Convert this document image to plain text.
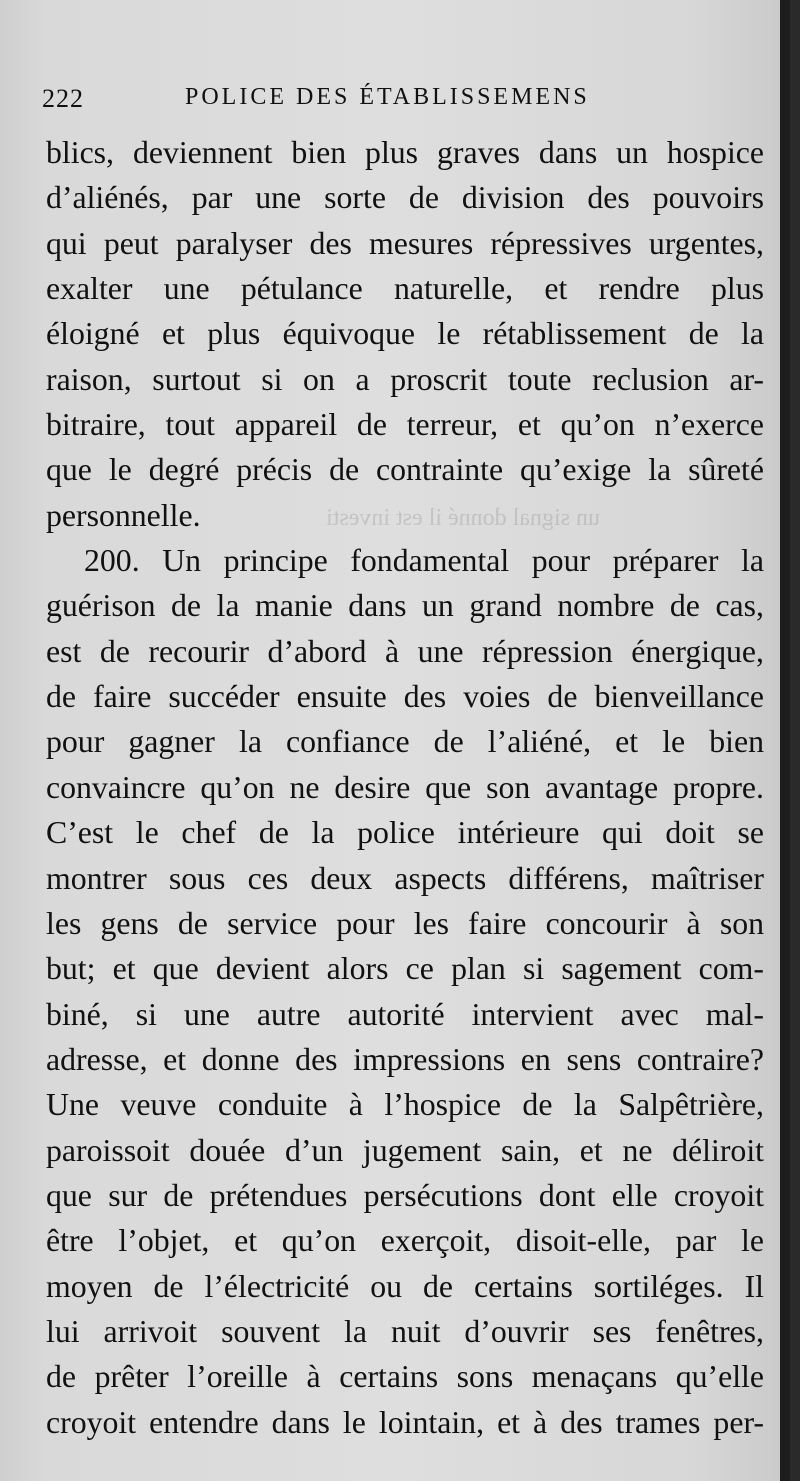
222	POLICE DES ÉTABLISSEMENS
un signal donné il est investi
blics, deviennent bien plus graves dans un hospice
d’aliénés, par une sorte de division des pouvoirs
qui peut paralyser des mesures répressives urgentes,
exalter une pétulance naturelle, et rendre plus
éloigné et plus équivoque le rétablissement de la
raison, surtout si on a proscrit toute reclusion ar-
bitraire, tout appareil de terreur, et qu’on n’exerce
que le degré précis de contrainte qu’exige la sûreté
personnelle.
200. Un principe fondamental pour préparer la
guérison de la manie dans un grand nombre de cas,
est de recourir d’abord à une répression énergique,
de faire succéder ensuite des voies de bienveillance
pour gagner la confiance de l’aliéné, et le bien
convaincre qu’on ne desire que son avantage propre.
C’est le chef de la police intérieure qui doit se
montrer sous ces deux aspects différens, maîtriser
les gens de service pour les faire concourir à son
but; et que devient alors ce plan si sagement com-
biné, si une autre autorité intervient avec mal-
adresse, et donne des impressions en sens contraire?
Une veuve conduite à l’hospice de la Salpêtrière,
paroissoit douée d’un jugement sain, et ne déliroit
que sur de prétendues persécutions dont elle croyoit
être l’objet, et qu’on exerçoit, disoit-elle, par le
moyen de l’électricité ou de certains sortiléges. Il
lui arrivoit souvent la nuit d’ouvrir ses fenêtres,
de prêter l’oreille à certains sons menaçans qu’elle
croyoit entendre dans le lointain, et à des trames per-
